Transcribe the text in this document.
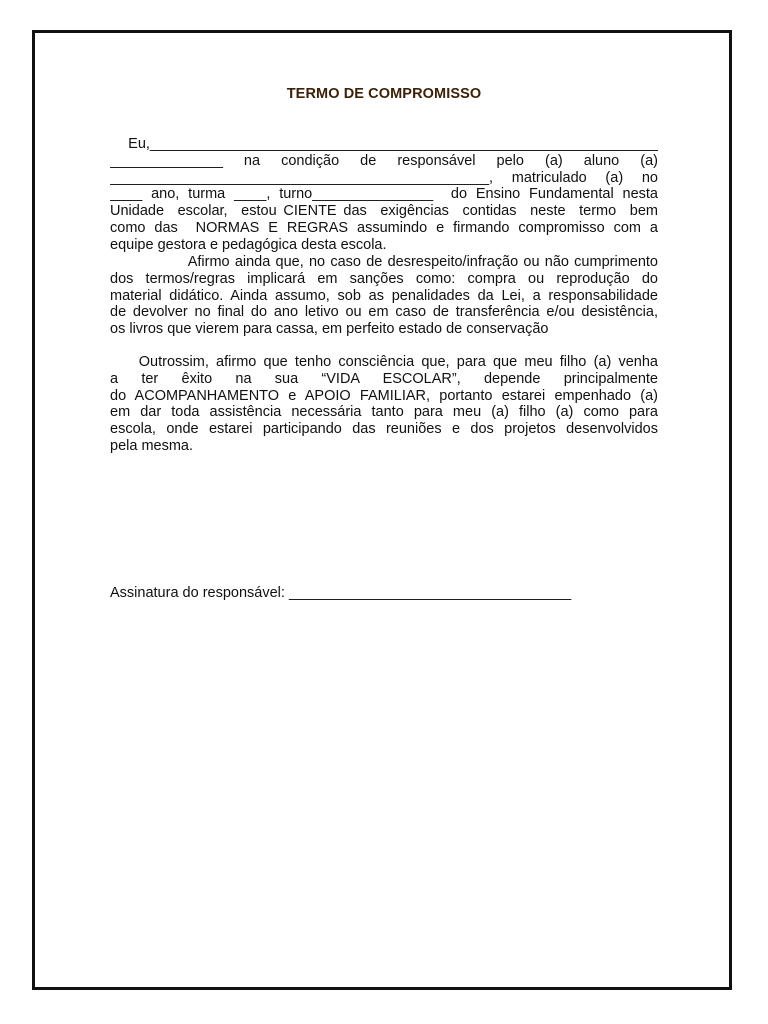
TERMO DE COMPROMISSO
Eu,_______________________________________________________________
______________   na   condição   de   responsável   pelo   (a)   aluno   (a)
_______________________________________________, matriculado (a) no
____ ano, turma ____, turno_______________  do Ensino Fundamental nesta
Unidade  escolar,  estou CIENTE das  exigências  contidas  neste  termo  bem
como das  NORMAS E REGRAS assumindo e firmando compromisso com a
equipe gestora e pedagógica desta escola.
Afirmo ainda que, no caso de desrespeito/infração ou não cumprimento
dos termos/regras implicará em sanções como: compra ou reprodução do
material didático. Ainda assumo, sob as penalidades da Lei, a responsabilidade
de devolver no final do ano letivo ou em caso de transferência e/ou desistência,
os livros que vierem para cassa, em perfeito estado de conservação
Outrossim, afirmo que tenho consciência que, para que meu filho (a) venha
a  ter  êxito  na  sua  “VIDA  ESCOLAR”,  depende  principalmente
do ACOMPANHAMENTO e APOIO FAMILIAR, portanto estarei empenhado (a)
em dar toda assistência necessária tanto para meu (a) filho (a) como para
escola, onde estarei participando das reuniões e dos projetos desenvolvidos
pela mesma.
Assinatura do responsável: ___________________________________
